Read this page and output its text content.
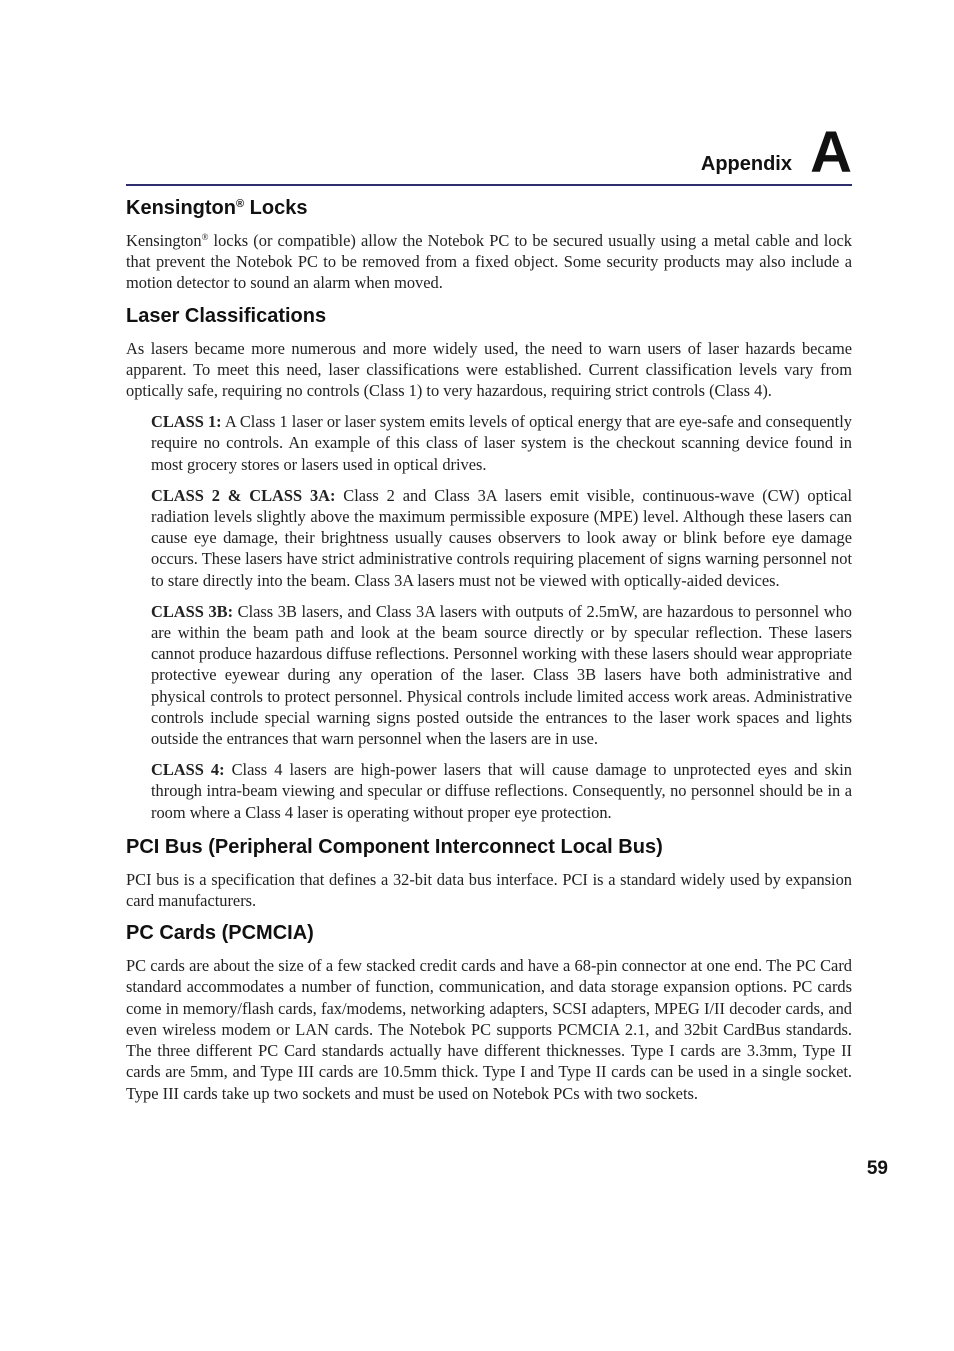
Appendix A
Kensington® Locks

Kensington® locks (or compatible) allow the Notebok PC to be secured usually using a metal cable and lock that prevent the Notebok PC to be removed from a fixed object. Some security products may also include a motion detector to sound an alarm when moved.

Laser Classifications

As lasers became more numerous and more widely used, the need to warn users of laser hazards became apparent. To meet this need, laser classifications were established. Current classification levels vary from optically safe, requiring no controls (Class 1) to very hazardous, requiring strict controls (Class 4).

CLASS 1: A Class 1 laser or laser system emits levels of optical energy that are eye-safe and consequently require no controls. An example of this class of laser system is the checkout scanning device found in most grocery stores or lasers used in optical drives.

CLASS 2 & CLASS 3A: Class 2 and Class 3A lasers emit visible, continuous-wave (CW) optical radiation levels slightly above the maximum permissible exposure (MPE) level. Although these lasers can cause eye damage, their brightness usually causes observers to look away or blink before eye damage occurs. These lasers have strict administrative controls requiring placement of signs warning personnel not to stare directly into the beam. Class 3A lasers must not be viewed with optically-aided devices.

CLASS 3B: Class 3B lasers, and Class 3A lasers with outputs of 2.5mW, are hazardous to personnel who are within the beam path and look at the beam source directly or by specular reflection. These lasers cannot produce hazardous diffuse reflections. Personnel working with these lasers should wear appropriate protective eyewear during any operation of the laser. Class 3B lasers have both administrative and physical controls to protect personnel. Physical controls include limited access work areas. Administrative controls include special warning signs posted outside the entrances to the laser work spaces and lights outside the entrances that warn personnel when the lasers are in use.

CLASS 4: Class 4 lasers are high-power lasers that will cause damage to unprotected eyes and skin through intra-beam viewing and specular or diffuse reflections. Consequently, no personnel should be in a   room where a Class 4 laser is operating without proper eye protection.

PCI Bus (Peripheral Component Interconnect Local Bus)

PCI bus is a specification that defines a 32-bit data bus interface. PCI is a standard widely used by expansion card manufacturers.

PC Cards (PCMCIA)

PC cards are about the size of a few stacked credit cards and have a 68-pin connector at one end. The PC Card standard accommodates a number of function, communication, and data storage expansion options. PC cards come in memory/flash cards, fax/modems, networking adapters, SCSI adapters, MPEG I/II decoder cards, and even wireless modem or LAN cards. The Notebok PC supports PCMCIA 2.1, and 32bit CardBus standards. The three different PC Card standards actually have different thicknesses. Type I cards are 3.3mm, Type II cards are 5mm, and Type III cards are 10.5mm thick. Type I and Type II cards can be used in a single socket. Type III cards take up two sockets and must be used on Notebok PCs with two sockets.

59
